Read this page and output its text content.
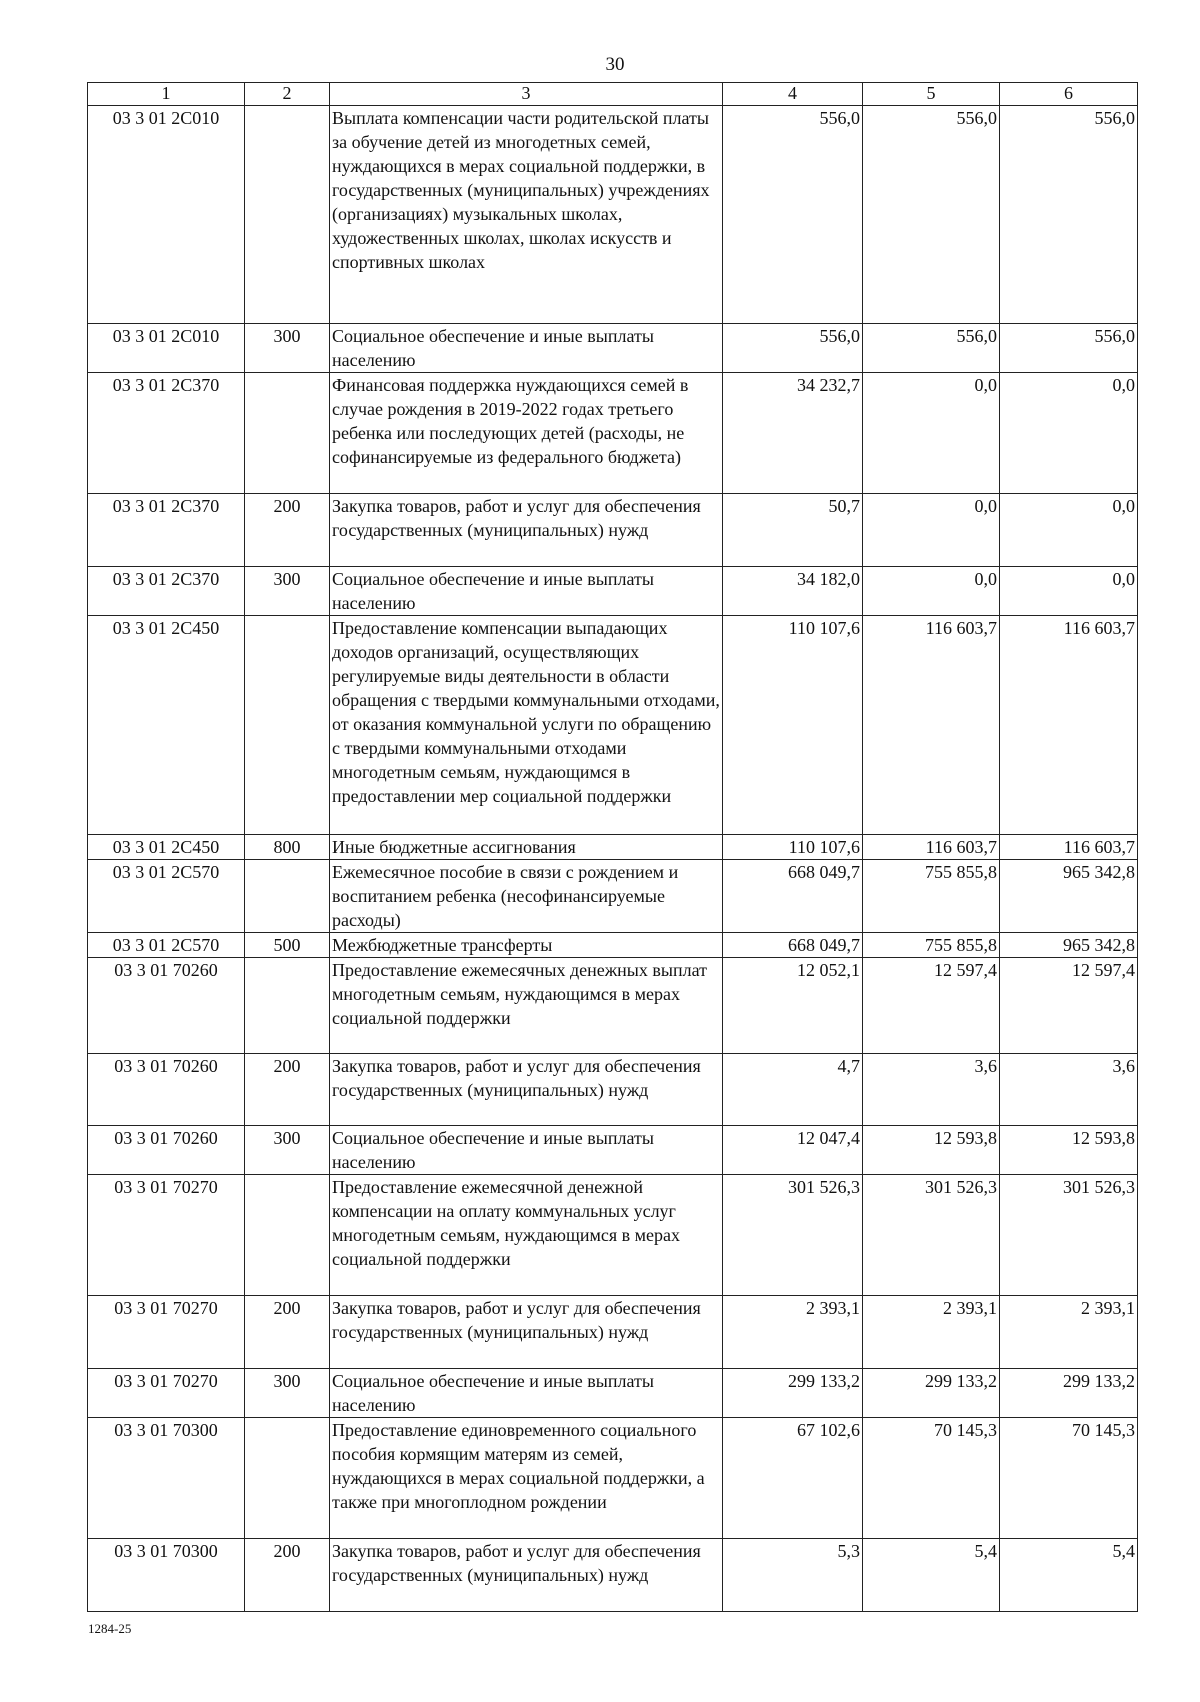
30
1	2	3	4	5	6
03 3 01 2С010		Выплата компенсации части родительской платы за обучение детей из многодетных семей, нуждающихся в мерах социальной поддержки, в государственных (муниципальных) учреждениях (организациях) музыкальных школах, художественных школах, школах искусств и спортивных школах	556,0	556,0	556,0
03 3 01 2С010	300	Социальное обеспечение и иные выплаты населению	556,0	556,0	556,0
03 3 01 2С370		Финансовая поддержка нуждающихся семей в случае рождения в 2019-2022 годах третьего ребенка или последующих детей (расходы, не софинансируемые из федерального бюджета)	34 232,7	0,0	0,0
03 3 01 2С370	200	Закупка товаров, работ и услуг для обеспечения государственных (муниципальных) нужд	50,7	0,0	0,0
03 3 01 2С370	300	Социальное обеспечение и иные выплаты населению	34 182,0	0,0	0,0
03 3 01 2С450		Предоставление компенсации выпадающих доходов организаций, осуществляющих регулируемые виды деятельности в области обращения с твердыми коммунальными отходами, от оказания коммунальной услуги по обращению с твердыми коммунальными отходами многодетным семьям, нуждающимся в предоставлении мер социальной поддержки	110 107,6	116 603,7	116 603,7
03 3 01 2С450	800	Иные бюджетные ассигнования	110 107,6	116 603,7	116 603,7
03 3 01 2С570		Ежемесячное пособие в связи с рождением и воспитанием ребенка (несофинансируемые расходы)	668 049,7	755 855,8	965 342,8
03 3 01 2С570	500	Межбюджетные трансферты	668 049,7	755 855,8	965 342,8
03 3 01 70260		Предоставление ежемесячных денежных выплат многодетным семьям, нуждающимся в мерах социальной поддержки	12 052,1	12 597,4	12 597,4
03 3 01 70260	200	Закупка товаров, работ и услуг для обеспечения государственных (муниципальных) нужд	4,7	3,6	3,6
03 3 01 70260	300	Социальное обеспечение и иные выплаты населению	12 047,4	12 593,8	12 593,8
03 3 01 70270		Предоставление ежемесячной денежной компенсации на оплату коммунальных услуг многодетным семьям, нуждающимся в мерах социальной поддержки	301 526,3	301 526,3	301 526,3
03 3 01 70270	200	Закупка товаров, работ и услуг для обеспечения государственных (муниципальных) нужд	2 393,1	2 393,1	2 393,1
03 3 01 70270	300	Социальное обеспечение и иные выплаты населению	299 133,2	299 133,2	299 133,2
03 3 01 70300		Предоставление единовременного социального пособия кормящим матерям из семей, нуждающихся в мерах социальной поддержки, а также при многоплодном рождении	67 102,6	70 145,3	70 145,3
03 3 01 70300	200	Закупка товаров, работ и услуг для обеспечения государственных (муниципальных) нужд	5,3	5,4	5,4
1284-25
